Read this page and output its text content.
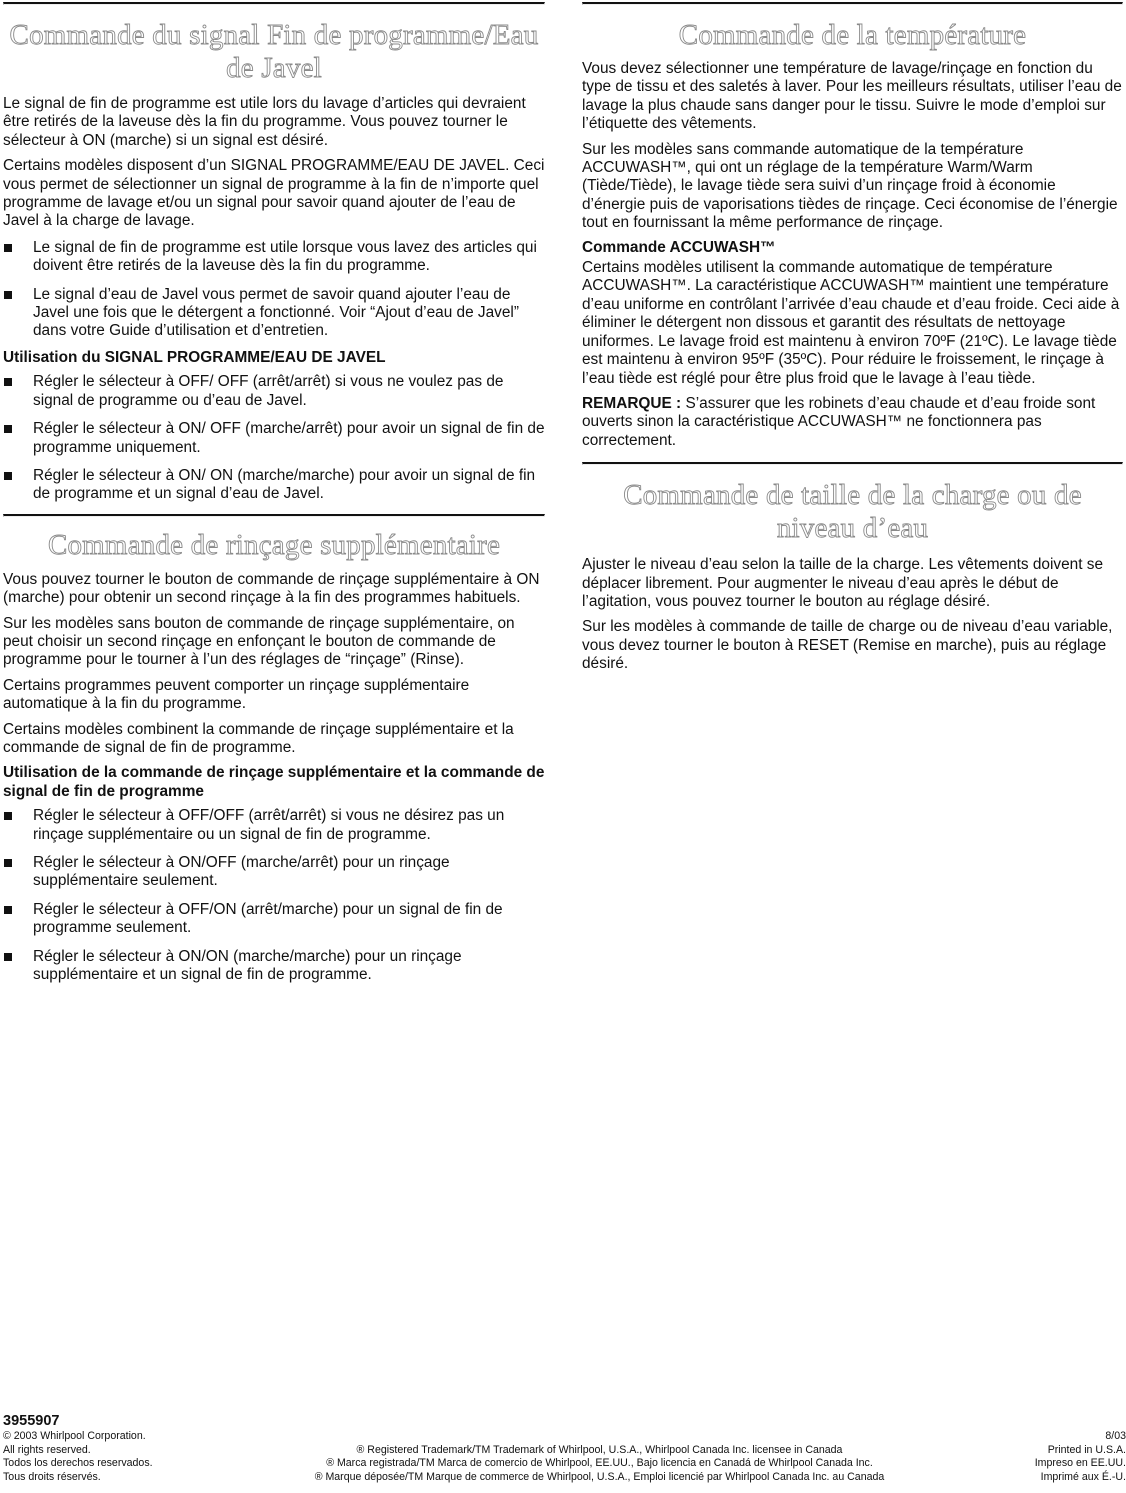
Commande du signal Fin de programme/Eau de Javel

Le signal de fin de programme est utile lors du lavage d’articles qui devraient être retirés de la laveuse dès la fin du programme. Vous pouvez tourner le sélecteur à ON (marche) si un signal est désiré.

Certains modèles disposent d’un SIGNAL PROGRAMME/EAU DE JAVEL. Ceci vous permet de sélectionner un signal de programme à la fin de n’importe quel programme de lavage et/ou un signal pour savoir quand ajouter de l’eau de Javel à la charge de lavage.

Le signal de fin de programme est utile lorsque vous lavez des articles qui doivent être retirés de la laveuse dès la fin du programme.
Le signal d’eau de Javel vous permet de savoir quand ajouter l’eau de Javel une fois que le détergent a fonctionné. Voir “Ajout d’eau de Javel” dans votre Guide d’utilisation et d’entretien.
Utilisation du SIGNAL PROGRAMME/EAU DE JAVEL
Régler le sélecteur à OFF/ OFF (arrêt/arrêt) si vous ne voulez pas de signal de programme ou d’eau de Javel.
Régler le sélecteur à ON/ OFF (marche/arrêt) pour avoir un signal de fin de programme uniquement.
Régler le sélecteur à ON/ ON (marche/marche) pour avoir un signal de fin de programme et un signal d’eau de Javel.
Commande de rinçage supplémentaire

Vous pouvez tourner le bouton de commande de rinçage supplémentaire à ON (marche) pour obtenir un second rinçage à la fin des programmes habituels.

Sur les modèles sans bouton de commande de rinçage supplémentaire, on peut choisir un second rinçage en enfonçant le bouton de commande de programme pour le tourner à l’un des réglages de “rinçage” (Rinse).

Certains programmes peuvent comporter un rinçage supplémentaire automatique à la fin du programme.

Certains modèles combinent la commande de rinçage supplémentaire et la commande de signal de fin de programme.

Utilisation de la commande de rinçage supplémentaire et la commande de signal de fin de programme
Régler le sélecteur à OFF/OFF (arrêt/arrêt) si vous ne désirez pas un rinçage supplémentaire ou un signal de fin de programme.
Régler le sélecteur à ON/OFF (marche/arrêt) pour un rinçage supplémentaire seulement.
Régler le sélecteur à OFF/ON (arrêt/marche) pour un signal de fin de programme seulement.
Régler le sélecteur à ON/ON (marche/marche) pour un rinçage supplémentaire et un signal de fin de programme.
Commande de la température

Vous devez sélectionner une température de lavage/rinçage en fonction du type de tissu et des saletés à laver. Pour les meilleurs résultats, utiliser l’eau de lavage la plus chaude sans danger pour le tissu. Suivre le mode d’emploi sur l’étiquette des vêtements.

Sur les modèles sans commande automatique de la température ACCUWASH™, qui ont un réglage de la température Warm/Warm (Tiède/Tiède), le lavage tiède sera suivi d’un rinçage froid à économie d’énergie puis de vaporisations tièdes de rinçage. Ceci économise de l’énergie tout en fournissant la même performance de rinçage.

Commande ACCUWASH™

Certains modèles utilisent la commande automatique de température ACCUWASH™. La caractéristique ACCUWASH™ maintient une température d’eau uniforme en contrôlant l’arrivée d’eau chaude et d’eau froide. Ceci aide à éliminer le détergent non dissous et garantit des résultats de nettoyage uniformes. Le lavage froid est maintenu à environ 70ºF (21ºC). Le lavage tiède est maintenu à environ 95ºF (35ºC). Pour réduire le froissement, le rinçage à l’eau tiède est réglé pour être plus froid que le lavage à l’eau tiède.

REMARQUE : S’assurer que les robinets d’eau chaude et d’eau froide sont ouverts sinon la caractéristique ACCUWASH™ ne fonctionnera pas correctement.

Commande de taille de la charge ou de niveau d’eau

Ajuster le niveau d’eau selon la taille de la charge. Les vêtements doivent se déplacer librement. Pour augmenter le niveau d’eau après le début de l’agitation, vous pouvez tourner le bouton au réglage désiré.

Sur les modèles à commande de taille de charge ou de niveau d’eau variable, vous devez tourner le bouton à RESET (Remise en marche), puis au réglage désiré.

3955907
© 2003 Whirlpool Corporation.	8/03
All rights reserved.	® Registered Trademark/TM Trademark of Whirlpool, U.S.A., Whirlpool Canada Inc. licensee in Canada	Printed in U.S.A.
Todos los derechos reservados.	® Marca registrada/TM Marca de comercio de Whirlpool, EE.UU., Bajo licencia en Canadá de Whirlpool Canada Inc.	Impreso en EE.UU.
Tous droits réservés.	® Marque déposée/TM Marque de commerce de Whirlpool, U.S.A., Emploi licencié par Whirlpool Canada Inc. au Canada	Imprimé aux É.-U.
